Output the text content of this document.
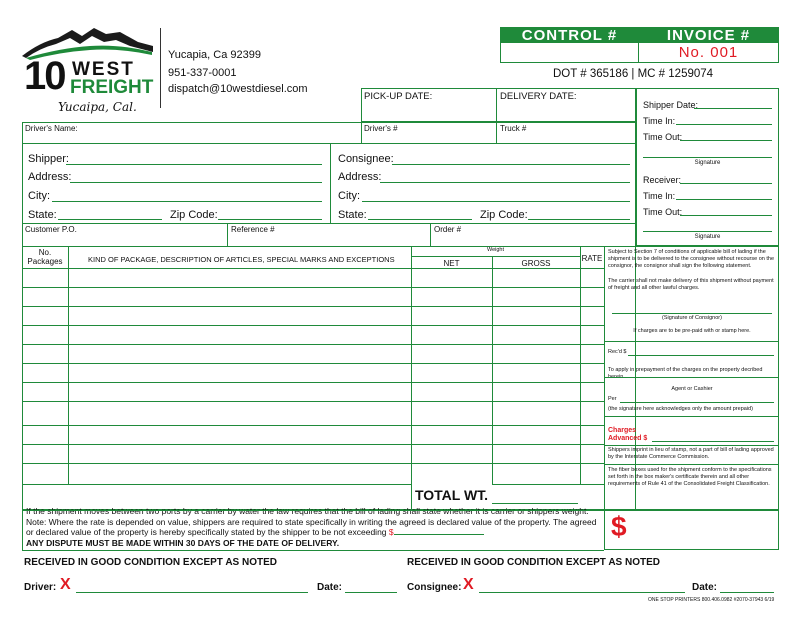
10 WEST
FREIGHT
Yucaipa, Cal.
Yucapia, Ca 92399
951-337-0001
dispatch@10westdiesel.com
CONTROL #	INVOICE #
No. 001
DOT # 365186 | MC # 1259074
PICK-UP DATE:	DELIVERY DATE:
Driver's Name:	Driver's #	Truck #
Shipper:
Address:
City:
State:	Zip Code:
Consignee:
Address:
City:
State:	Zip Code:
Customer P.O.	Reference #	Order #
Shipper Date:
Time In:
Time Out:
Signature
Receiver:
Time In:
Time Out:
Signature
No. Packages	KIND OF PACKAGE, DESCRIPTION OF ARTICLES, SPECIAL MARKS AND EXCEPTIONS
Weight
NET	GROSS
RATE
TOTAL WT.
Subject to Section 7 of conditions of applicable bill of lading if the shipment is to be delivered to the consignee without recourse on the consignor, the consignor shall sign the following statement.
The carrier shall not make delivery of this shipment without payment of freight and all other lawful charges.
(Signature of Consignor)
If charges are to be pre-paid with or stamp here.
Rec'd $
To apply in prepayment of the charges on the property decribed herein.
Agent or Cashier
Per
(the signature here acknowledges only the amount prepaid)
Charges
Advanced $
Shippers imprint in lieu of stamp, not a part of bill of lading approved by the Interstate Commerce Commission.
The fiber boxes used for the shipment conform to the specifications set forth in the box maker's certificate therein and all other requirements of Rule 41 of the Consolidated Freight Classification.
If the shipment moves between two ports by a carrier by water the law requires that the bill of lading shall state whether it is carrier or shippers weight. Note: Where the rate is depended on value, shippers are required to state specifically in writing the agreed is declared value of the property. The agreed or declared value of the property is hereby specifically stated by the shipper to be not exceeding $
ANY DISPUTE MUST BE MADE WITHIN 30 DAYS OF THE DATE OF DELIVERY.
$
RECEIVED IN GOOD CONDITION EXCEPT AS NOTED	RECEIVED IN GOOD CONDITION EXCEPT AS NOTED
Driver: X	Date:	Consignee: X	Date:
ONE STOP PRINTERS 800.406.0982 #2070-37943 6/19
